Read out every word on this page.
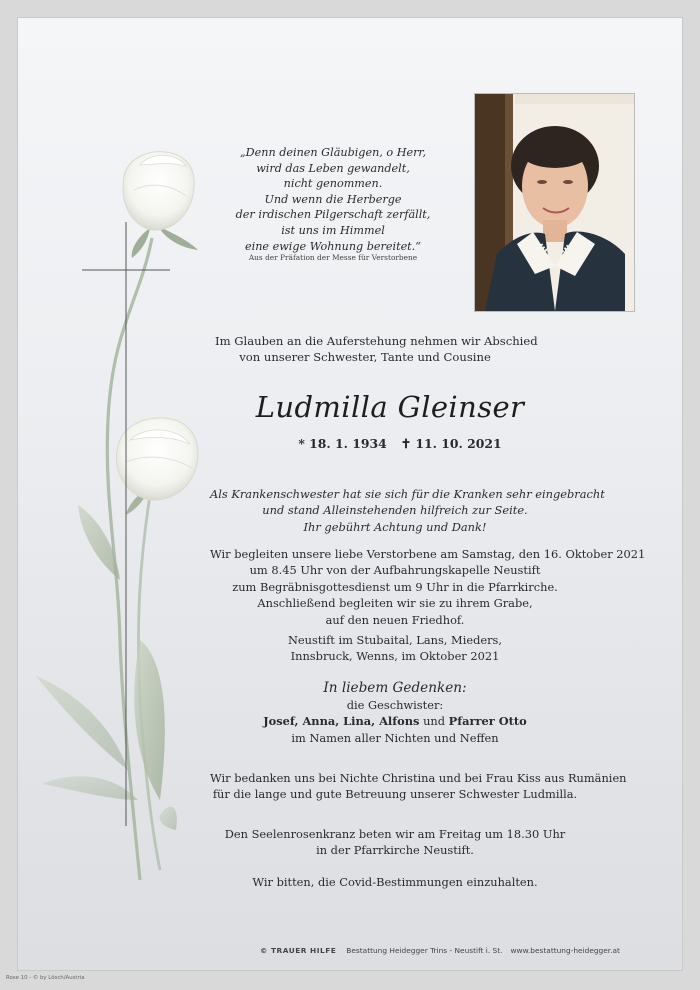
„Denn deinen Gläubigen, o Herr,
wird das Leben gewandelt,
nicht genommen.
Und wenn die Herberge
der irdischen Pilgerschaft zerfällt,
ist uns im Himmel
eine ewige Wohnung bereitet.“
Aus der Präfation der Messe für Verstorbene
Im Glauben an die Auferstehung nehmen wir Abschied
von unserer Schwester, Tante und Cousine
Ludmilla Gleinser
* 18. 1. 1934 ✝ 11. 10. 2021
Als Krankenschwester hat sie sich für die Kranken sehr eingebracht
und stand Alleinstehenden hilfreich zur Seite.
Ihr gebührt Achtung und Dank!
Wir begleiten unsere liebe Verstorbene am Samstag, den 16. Oktober 2021
um 8.45 Uhr von der Aufbahrungskapelle Neustift
zum Begräbnisgottesdienst um 9 Uhr in die Pfarrkirche.
Anschließend begleiten wir sie zu ihrem Grabe,
auf den neuen Friedhof.
Neustift im Stubaital, Lans, Mieders,
Innsbruck, Wenns, im Oktober 2021
In liebem Gedenken:
die Geschwister:
Josef, Anna, Lina, Alfons und Pfarrer Otto
im Namen aller Nichten und Neffen
Wir bedanken uns bei Nichte Christina und bei Frau Kiss aus Rumänien
für die lange und gute Betreuung unserer Schwester Ludmilla.
Den Seelenrosenkranz beten wir am Freitag um 18.30 Uhr
in der Pfarrkirche Neustift.
Wir bitten, die Covid-Bestimmungen einzuhalten.
© TRAUER HILFE Bestattung Heidegger Trins - Neustift i. St. www.bestattung-heidegger.at
Rose 10 - © by Lösch/Austria
